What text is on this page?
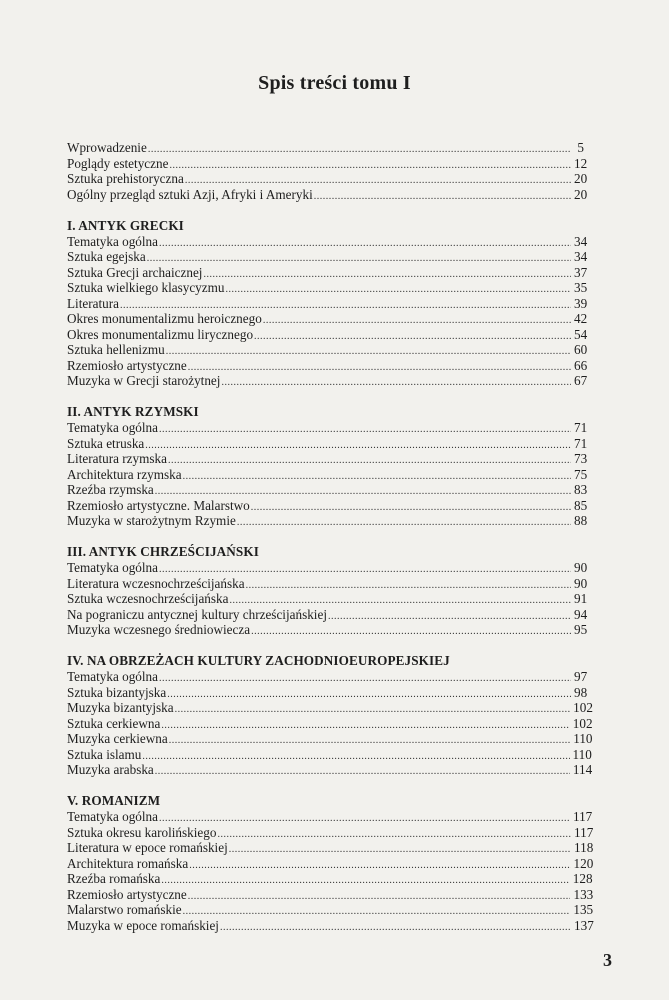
Spis treści tomu I
Wprowadzenie .....	5
Poglądy estetyczne .....	12
Sztuka prehistoryczna .....	20
Ogólny przegląd sztuki Azji, Afryki i Ameryki .....	20
I. ANTYK GRECKI
Tematyka ogólna .....	34
Sztuka egejska .....	34
Sztuka Grecji archaicznej .....	37
Sztuka wielkiego klasycyzmu .....	35
Literatura .....	39
Okres monumentalizmu heroicznego .....	42
Okres monumentalizmu lirycznego .....	54
Sztuka hellenizmu .....	60
Rzemiosło artystyczne .....	66
Muzyka w Grecji starożytnej .....	67
II. ANTYK RZYMSKI
Tematyka ogólna .....	71
Sztuka etruska .....	71
Literatura rzymska .....	73
Architektura rzymska .....	75
Rzeźba rzymska .....	83
Rzemiosło artystyczne. Malarstwo .....	85
Muzyka w starożytnym Rzymie .....	88
III. ANTYK CHRZEŚCIJAŃSKI
Tematyka ogólna .....	90
Literatura wczesnochrześcijańska .....	90
Sztuka wczesnochrześcijańska .....	91
Na pograniczu antycznej kultury chrześcijańskiej .....	94
Muzyka wczesnego średniowiecza .....	95
IV. NA OBRZEŻACH KULTURY ZACHODNIOEUROPEJSKIEJ
Tematyka ogólna .....	97
Sztuka bizantyjska .....	98
Muzyka bizantyjska .....	102
Sztuka cerkiewna .....	102
Muzyka cerkiewna .....	110
Sztuka islamu .....	110
Muzyka arabska .....	114
V. ROMANIZM
Tematyka ogólna .....	117
Sztuka okresu karolińskiego .....	117
Literatura w epoce romańskiej .....	118
Architektura romańska .....	120
Rzeźba romańska .....	128
Rzemiosło artystyczne .....	133
Malarstwo romańskie .....	135
Muzyka w epoce romańskiej .....	137
3
